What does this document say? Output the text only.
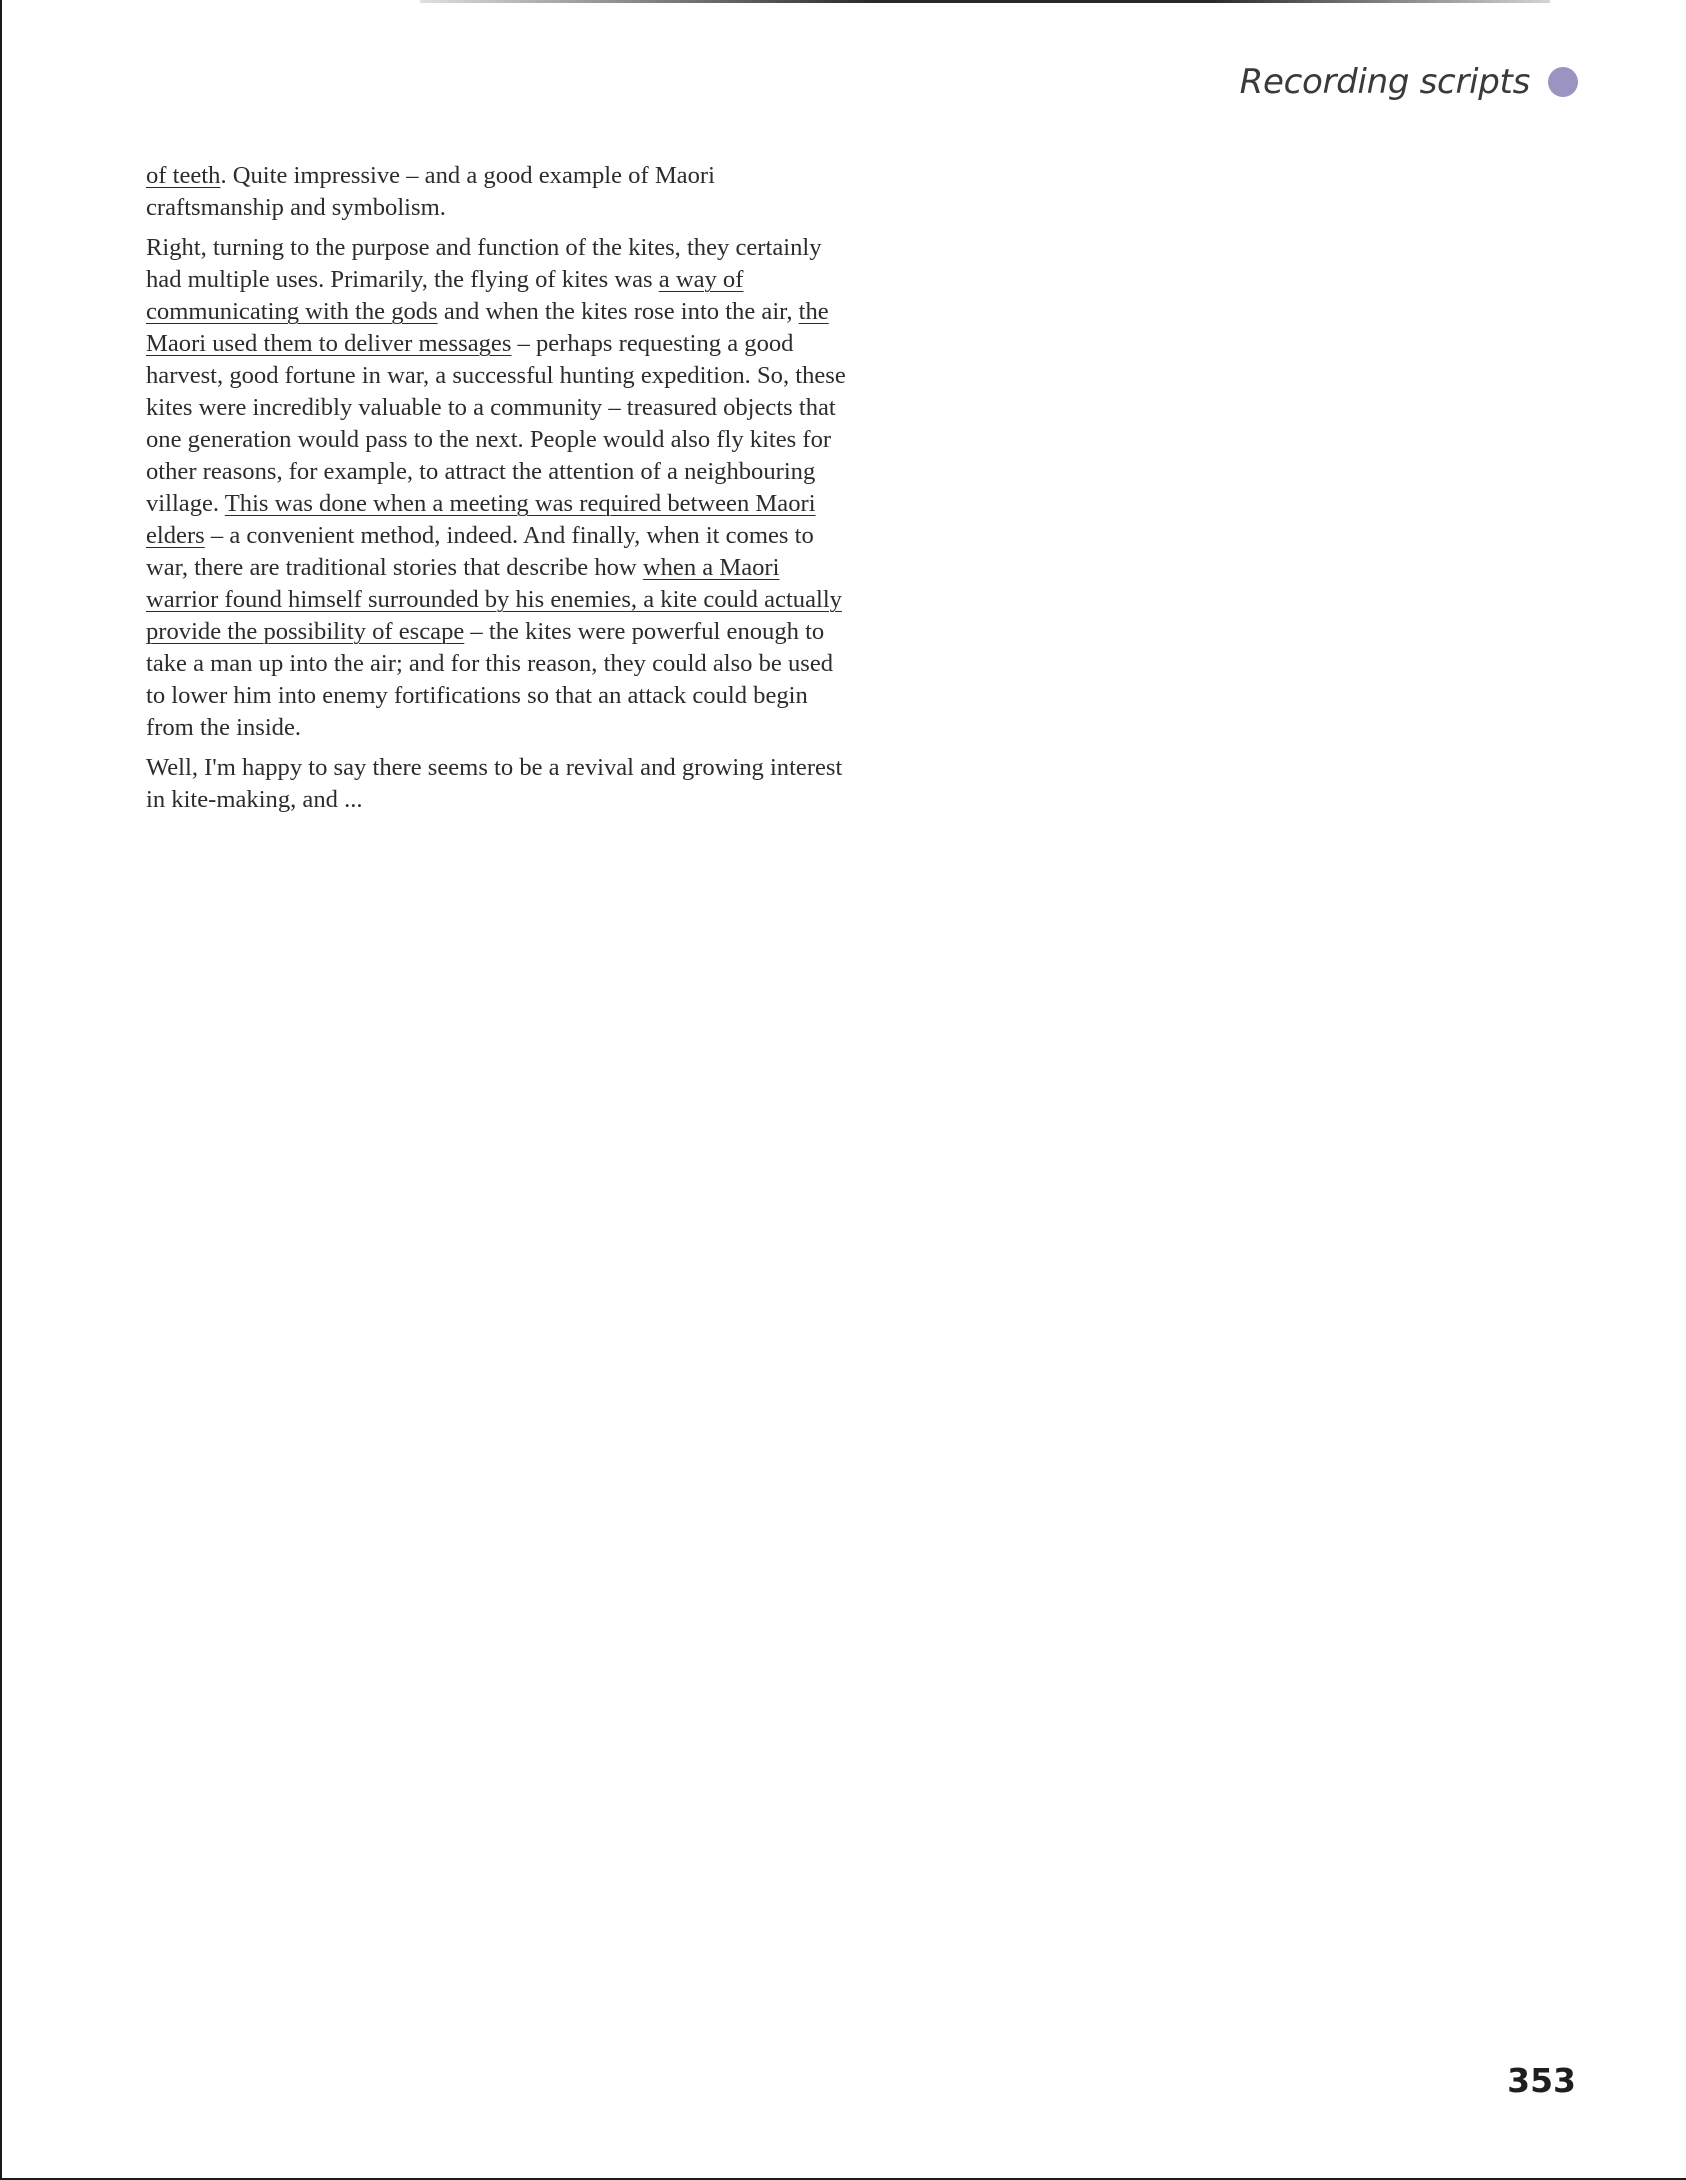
Recording scripts

of teeth. Quite impressive – and a good example of Maori craftsmanship and symbolism.

Right, turning to the purpose and function of the kites, they certainly had multiple uses. Primarily, the flying of kites was a way of communicating with the gods and when the kites rose into the air, the Maori used them to deliver messages – perhaps requesting a good harvest, good fortune in war, a successful hunting expedition. So, these kites were incredibly valuable to a community – treasured objects that one generation would pass to the next. People would also fly kites for other reasons, for example, to attract the attention of a neighbouring village. This was done when a meeting was required between Maori elders – a convenient method, indeed. And finally, when it comes to war, there are traditional stories that describe how when a Maori warrior found himself surrounded by his enemies, a kite could actually provide the possibility of escape – the kites were powerful enough to take a man up into the air; and for this reason, they could also be used to lower him into enemy fortifications so that an attack could begin from the inside.

Well, I'm happy to say there seems to be a revival and growing interest in kite-making, and ...

353
